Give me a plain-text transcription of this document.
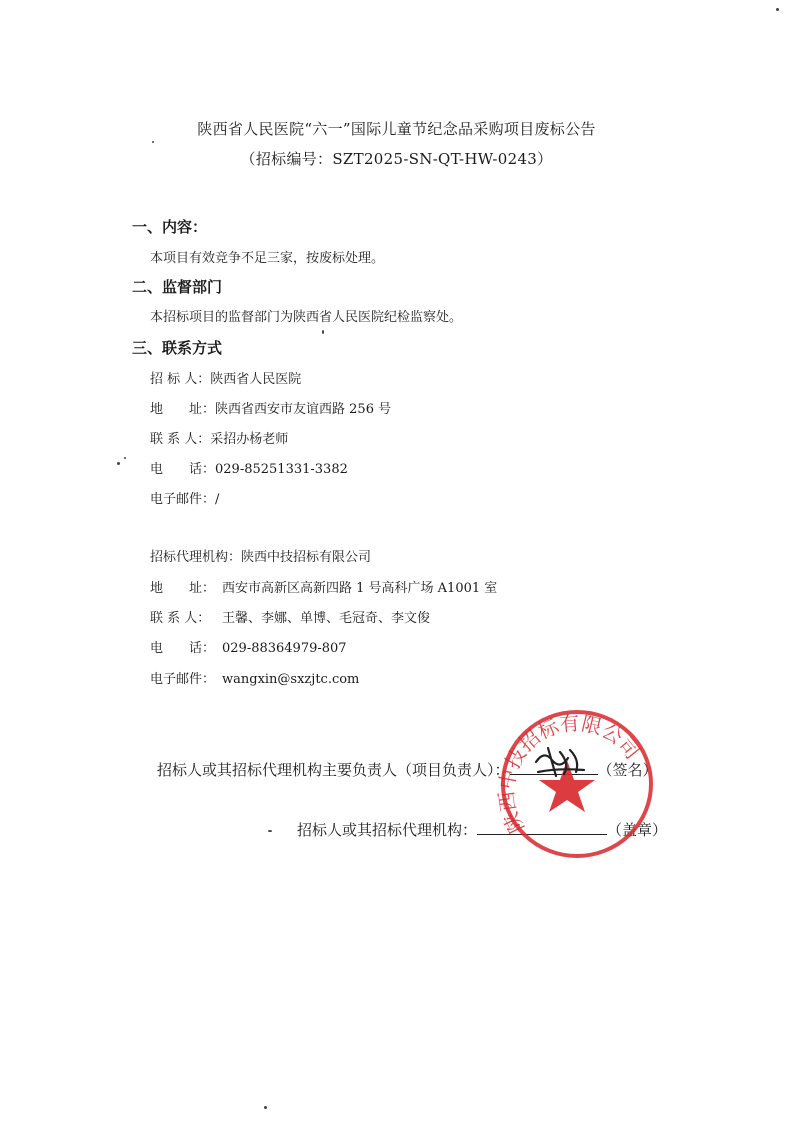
陕西省人民医院“六一”国际儿童节纪念品采购项目废标公告
（招标编号：SZT2025-SN-QT-HW-0243）
一、内容：
本项目有效竞争不足三家，按废标处理。
二、监督部门
本招标项目的监督部门为陕西省人民医院纪检监察处。
三、联系方式
招 标 人：陕西省人民医院
地　　址：陕西省西安市友谊西路 256 号
联 系 人：采招办杨老师
电　　话：029-85251331-3382
电子邮件：/
招标代理机构：陕西中技招标有限公司
地　　址： 西安市高新区高新四路 1 号高科广场 A1001 室
联 系 人： 王馨、李娜、单博、毛冠奇、李文俊
电　　话： 029-88364979-807
电子邮件： wangxin@sxzjtc.com
招标人或其招标代理机构主要负责人（项目负责人）：	（签名）
招标人或其招标代理机构：	（盖章）
陕西中技招标有限公司
